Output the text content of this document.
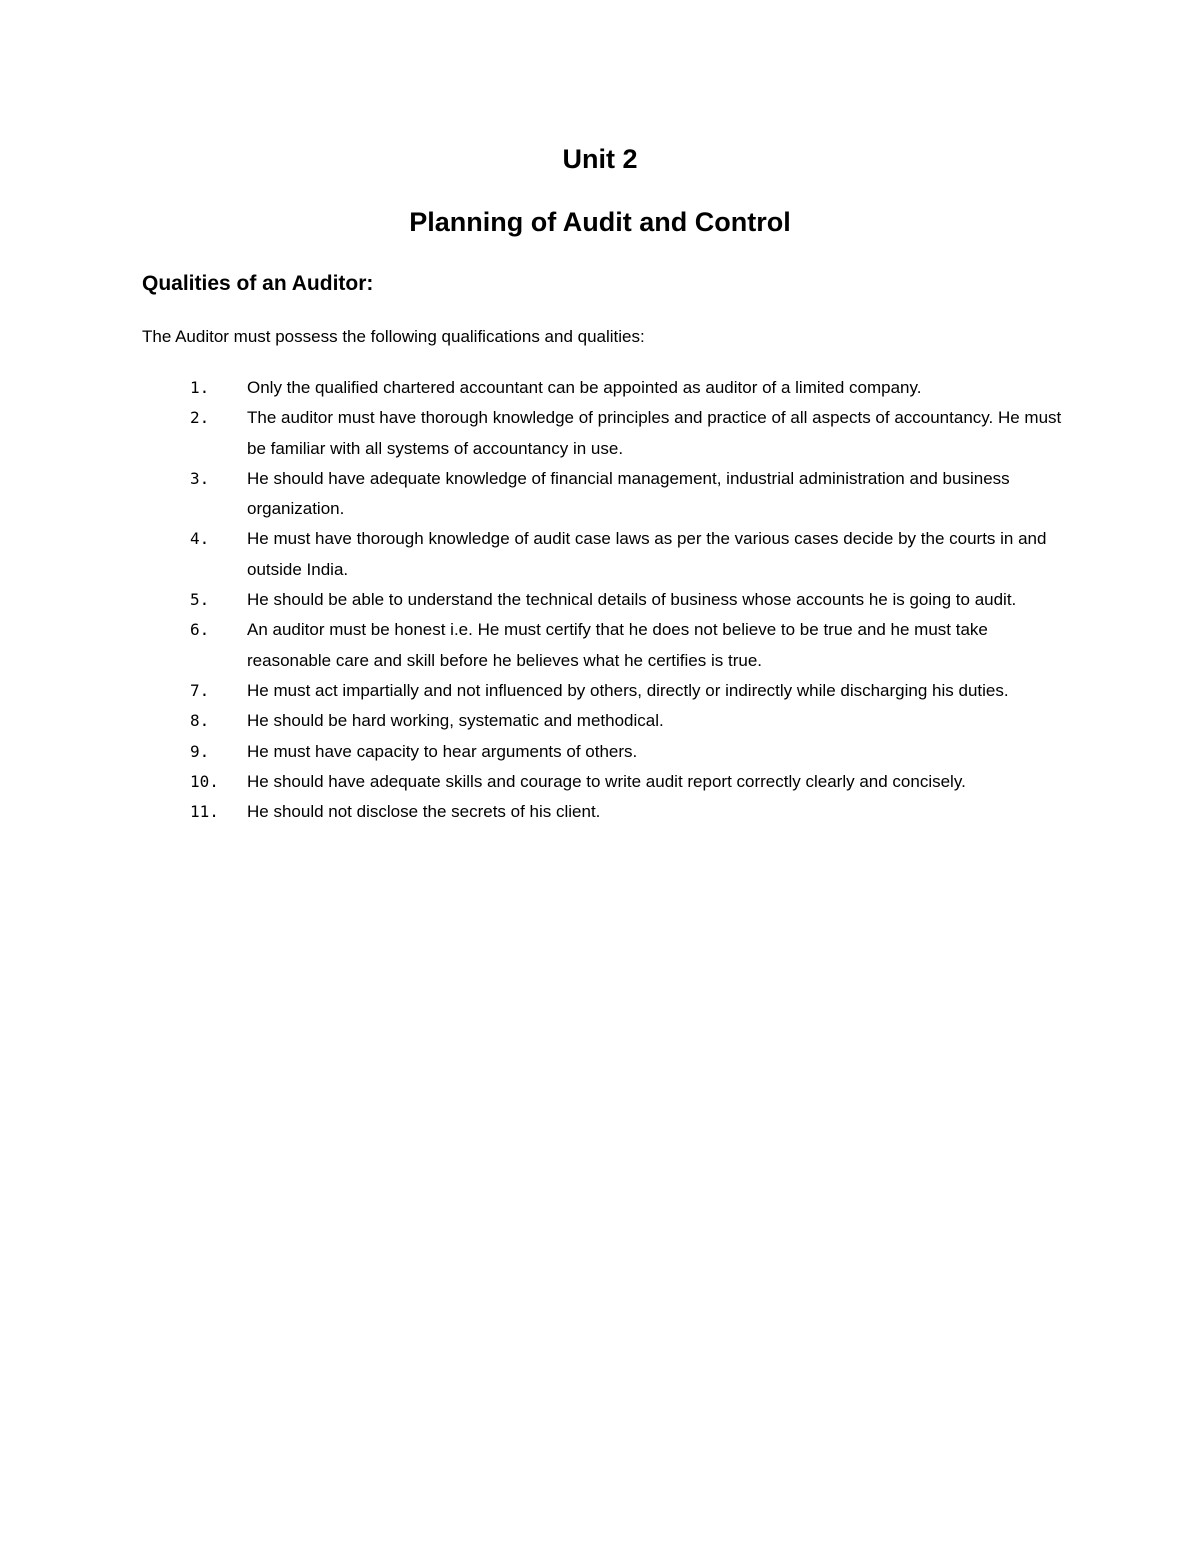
Unit 2
Planning of Audit and Control
Qualities of an Auditor:

The Auditor must possess the following qualifications and qualities:

1.	Only the qualified chartered accountant can be appointed as auditor of a limited company.
2.	The auditor must have thorough knowledge of principles and practice of all aspects of accountancy. He must be familiar with all systems of accountancy in use.
3.	He should have adequate knowledge of financial management, industrial administration and business organization.
4.	He must have thorough knowledge of audit case laws as per the various cases decide by the courts in and outside India.
5.	He should be able to understand the technical details of business whose accounts he is going to audit.
6.	An auditor must be honest i.e. He must certify that he does not believe to be true and he must take reasonable care and skill before he believes what he certifies is true.
7.	He must act impartially and not influenced by others, directly or indirectly while discharging his duties.
8.	He should be hard working, systematic and methodical.
9.	He must have capacity to hear arguments of others.
10.	He should have adequate skills and courage to write audit report correctly clearly and concisely.
11.	He should not disclose the secrets of his client.
